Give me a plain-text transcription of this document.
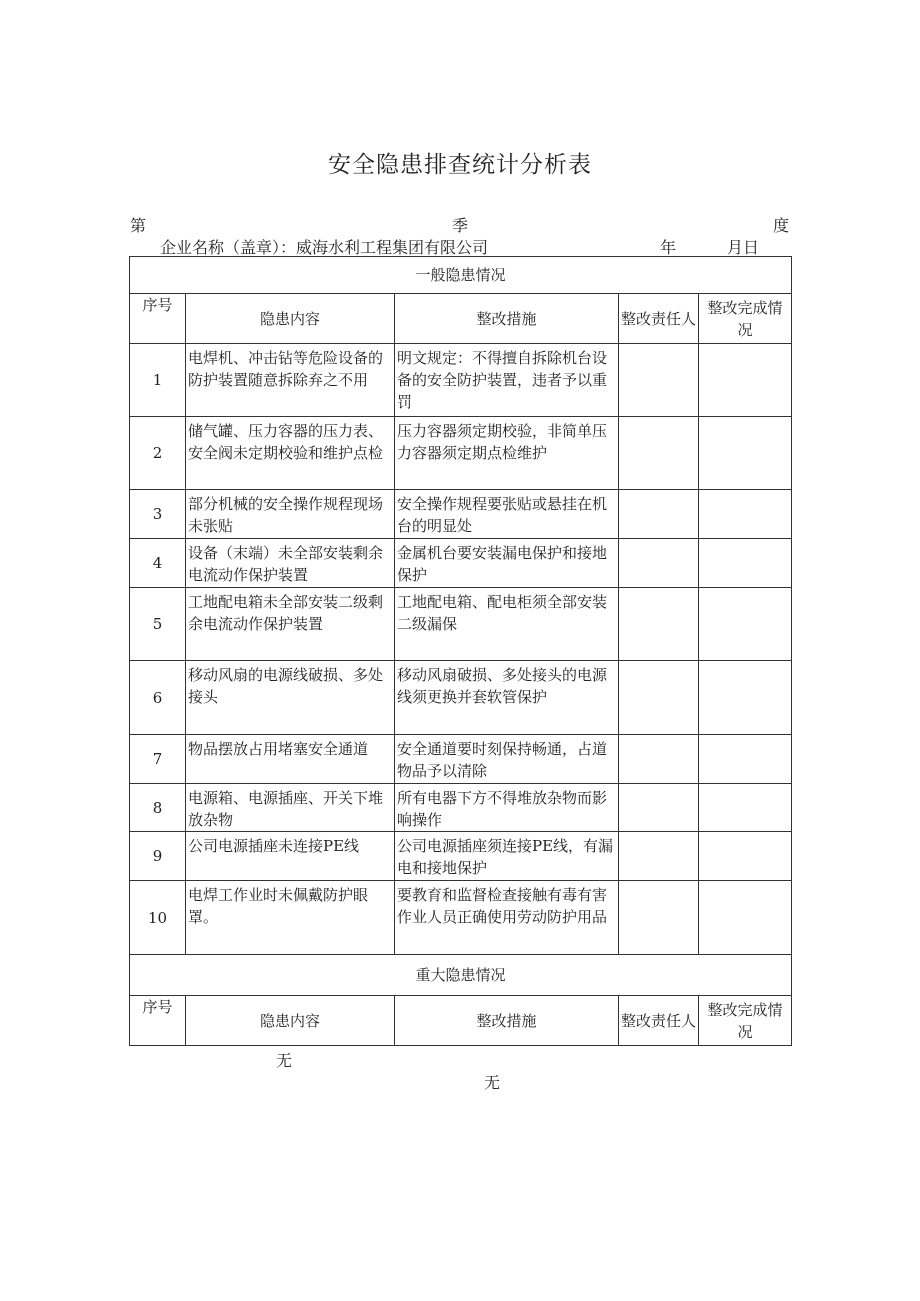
安全隐患排查统计分析表
第	季	度
企业名称（盖章）：威海水利工程集团有限公司	年	月日
一般隐患情况				
序号	隐患内容	整改措施	整改责任人	整改完成情况
1	电焊机、冲击钻等危险设备的防护装置随意拆除弃之不用	明文规定：不得擅自拆除机台设备的安全防护装置，违者予以重罚		
2	储气罐、压力容器的压力表、安全阀未定期校验和维护点检	压力容器须定期校验，非简单压力容器须定期点检维护		
3	部分机械的安全操作规程现场未张贴	安全操作规程要张贴或悬挂在机台的明显处		
4	设备（末端）未全部安装剩余电流动作保护装置	金属机台要安装漏电保护和接地保护		
5	工地配电箱未全部安装二级剩余电流动作保护装置	工地配电箱、配电柜须全部安装二级漏保		
6	移动风扇的电源线破损、多处接头	移动风扇破损、多处接头的电源线须更换并套软管保护		
7	物品摆放占用堵塞安全通道	安全通道要时刻保持畅通，占道物品予以清除		
8	电源箱、电源插座、开关下堆放杂物	所有电器下方不得堆放杂物而影响操作		
9	公司电源插座未连接PE线	公司电源插座须连接PE线，有漏电和接地保护		
10	电焊工作业时未佩戴防护眼罩。	要教育和监督检查接触有毒有害作业人员正确使用劳动防护用品		
重大隐患情况				
序号	隐患内容	整改措施	整改责任人	整改完成情况
无
无
